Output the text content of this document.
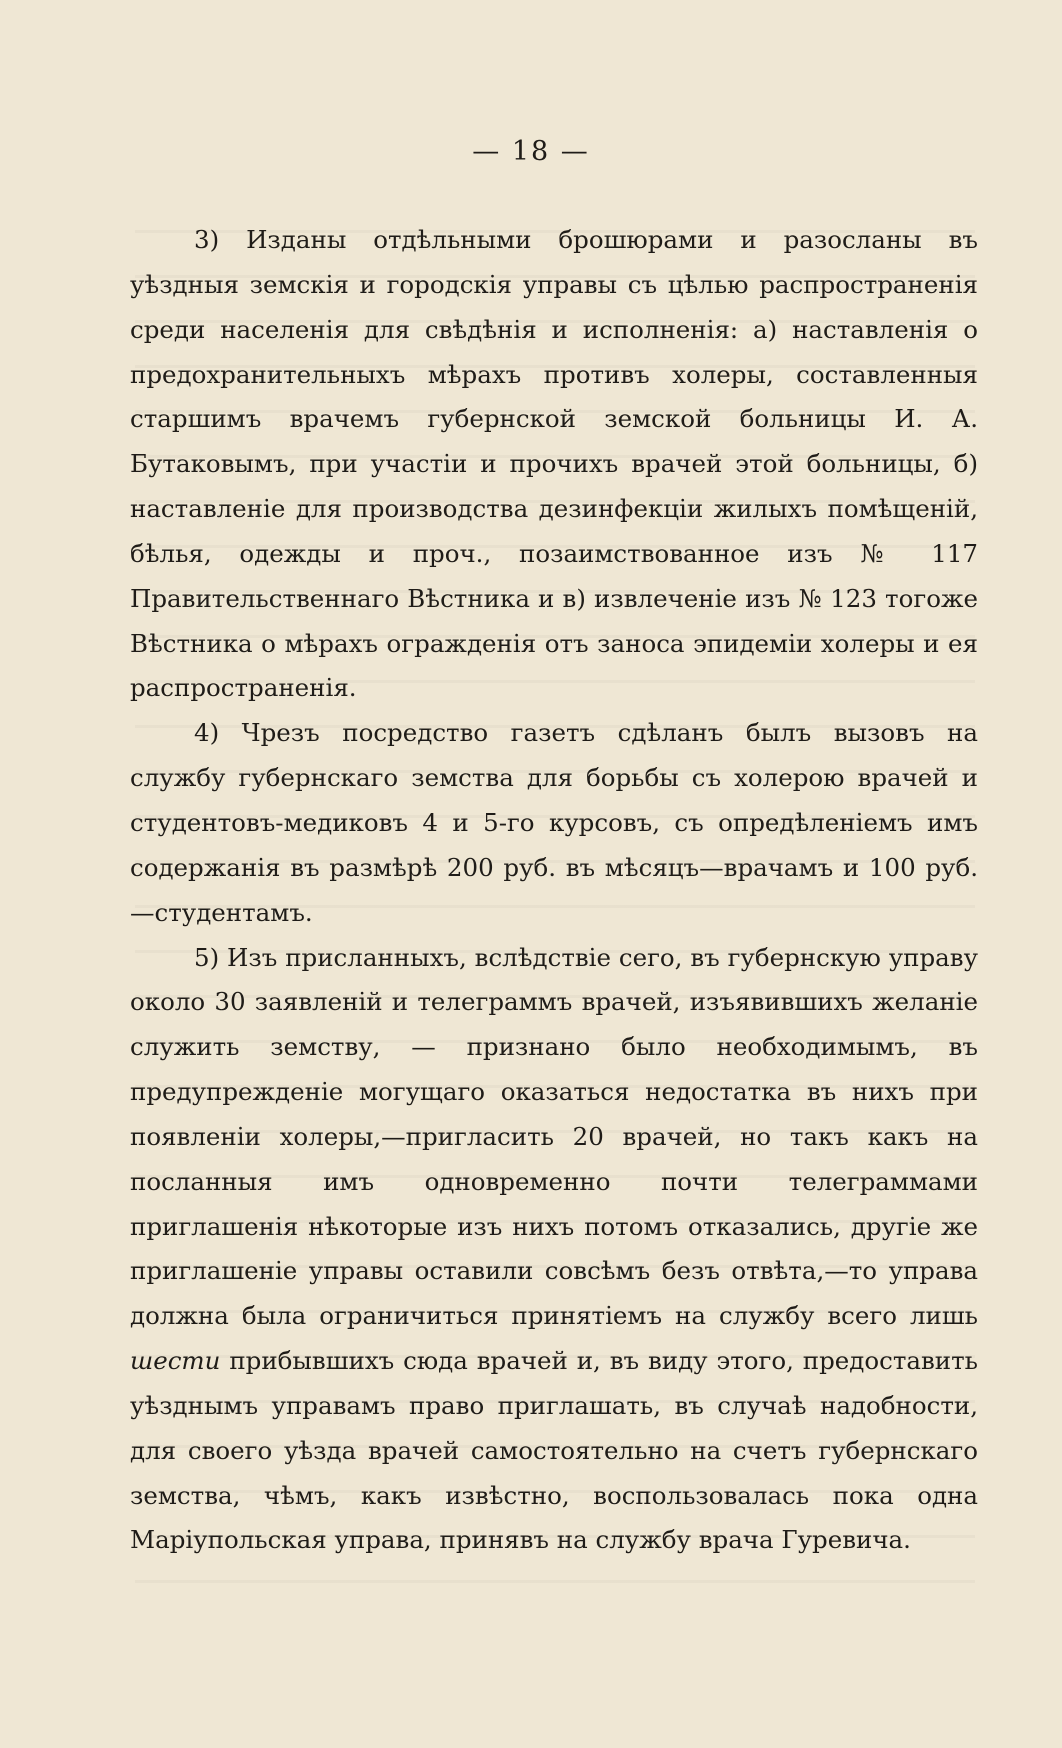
— 18 —

3) Изданы отдѣльными брошюрами и разосланы въ уѣздныя земскія и городскія управы съ цѣлью распространенія среди населенія для свѣдѣнія и исполненія: а) наставленія о предохранительныхъ мѣрахъ противъ холеры, составленныя старшимъ врачемъ губернской земской больницы И. А. Бутаковымъ, при участіи и прочихъ врачей этой больницы, б) наставленіе для производства дезинфекціи жилыхъ помѣщеній, бѣлья, одежды и проч., позаимствованное изъ № 117 Правительственнаго Вѣстника и в) извлеченіе изъ № 123 тогоже Вѣстника о мѣрахъ огражденія отъ заноса эпидеміи холеры и ея распространенія.

4) Чрезъ посредство газетъ сдѣланъ былъ вызовъ на службу губернскаго земства для борьбы съ холерою врачей и студентовъ-медиковъ 4 и 5-го курсовъ, съ опредѣленіемъ имъ содержанія въ размѣрѣ 200 руб. въ мѣсяцъ—врачамъ и 100 руб.—студентамъ.

5) Изъ присланныхъ, вслѣдствіе сего, въ губернскую управу около 30 заявленій и телеграммъ врачей, изъявившихъ желаніе служить земству, — признано было необходимымъ, въ предупрежденіе могущаго оказаться недостатка въ нихъ при появленіи холеры,—пригласить 20 врачей, но такъ какъ на посланныя имъ одновременно почти телеграммами приглашенія нѣкоторые изъ нихъ потомъ отказались, другіе же приглашеніе управы оставили совсѣмъ безъ отвѣта,—то управа должна была ограничиться принятіемъ на службу всего лишь шести прибывшихъ сюда врачей и, въ виду этого, предоставить уѣзднымъ управамъ право приглашать, въ случаѣ надобности, для своего уѣзда врачей самостоятельно на счетъ губернскаго земства, чѣмъ, какъ извѣстно, воспользовалась пока одна Маріупольская управа, принявъ на службу врача Гуревича.
